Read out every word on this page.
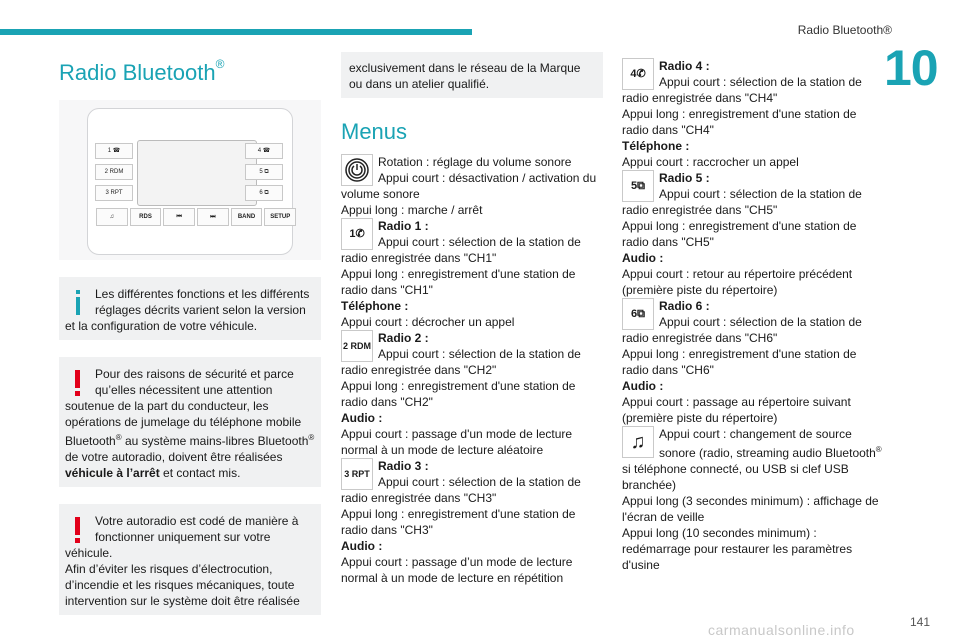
Radio Bluetooth®
10
Radio Bluetooth®
1 ☎
2 RDM
3 RPT
4 ☎
5 ⧉
6 ⧉
♫	RDS	⏮	⏭	BAND	SETUP
Les différentes fonctions et les différents réglages décrits varient selon la version et la configuration de votre véhicule.
Pour des raisons de sécurité et parce qu’elles nécessitent une attention soutenue de la part du conducteur, les opérations de jumelage du téléphone mobile Bluetooth® au système mains-libres Bluetooth® de votre autoradio, doivent être réalisées véhicule à l’arrêt et contact mis.
Votre autoradio est codé de manière à fonctionner uniquement sur votre véhicule.
Afin d’éviter les risques d’électrocution, d’incendie et les risques mécaniques, toute intervention sur le système doit être réalisée
exclusivement dans le réseau de la Marque ou dans un atelier qualifié.
Menus
Rotation : réglage du volume sonore
Appui court : désactivation / activation du volume sonore
Appui long : marche / arrêt
1✆
Radio 1 :
Appui court : sélection de la station de radio enregistrée dans "CH1"
Appui long : enregistrement d'une station de radio dans "CH1"
Téléphone :
Appui court : décrocher un appel
2 RDM
Radio 2 :
Appui court : sélection de la station de radio enregistrée dans "CH2"
Appui long : enregistrement d'une station de radio dans "CH2"
Audio :
Appui court : passage d'un mode de lecture normal à un mode de lecture aléatoire
3 RPT
Radio 3 :
Appui court : sélection de la station de radio enregistrée dans "CH3"
Appui long : enregistrement d'une station de radio dans "CH3"
Audio :
Appui court : passage d’un mode de lecture normal à un mode de lecture en répétition
4✆
Radio 4 :
Appui court : sélection de la station de radio enregistrée dans "CH4"
Appui long : enregistrement d'une station de radio dans "CH4"
Téléphone :
Appui court : raccrocher un appel
5⧉
Radio 5 :
Appui court : sélection de la station de radio enregistrée dans "CH5"
Appui long : enregistrement d'une station de radio dans "CH5"
Audio :
Appui court : retour au répertoire précédent (première piste du répertoire)
6⧉
Radio 6 :
Appui court : sélection de la station de radio enregistrée dans "CH6"
Appui long : enregistrement d'une station de radio dans "CH6"
Audio :
Appui court : passage au répertoire suivant (première piste du répertoire)
♫	Appui court : changement de source sonore (radio, streaming audio Bluetooth® si téléphone connecté, ou USB si clef USB branchée)
Appui long (3 secondes minimum) : affichage de l'écran de veille
Appui long (10 secondes minimum) : redémarrage pour restaurer les paramètres d'usine
141
carmanualsonline.info
